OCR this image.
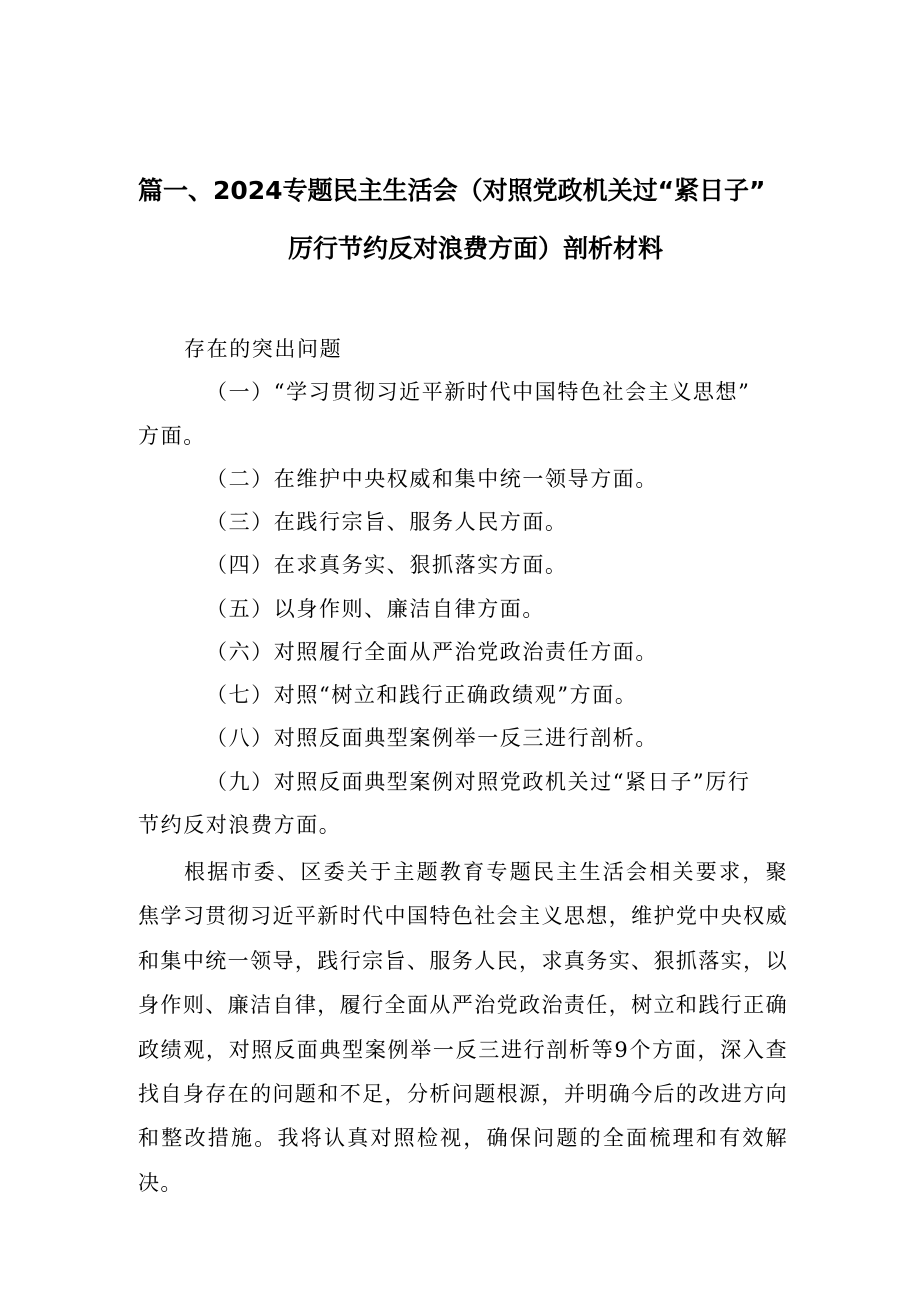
篇一、2024专题民主生活会（对照党政机关过“紧日子”
厉行节约反对浪费方面）剖析材料
存在的突出问题
（一）“学习贯彻习近平新时代中国特色社会主义思想”
方面。
（二）在维护中央权威和集中统一领导方面。
（三）在践行宗旨、服务人民方面。
（四）在求真务实、狠抓落实方面。
（五）以身作则、廉洁自律方面。
（六）对照履行全面从严治党政治责任方面。
（七）对照“树立和践行正确政绩观”方面。
（八）对照反面典型案例举一反三进行剖析。
（九）对照反面典型案例对照党政机关过“紧日子”厉行
节约反对浪费方面。
根据市委、区委关于主题教育专题民主生活会相关要求，聚焦学习贯彻习近平新时代中国特色社会主义思想，维护党中央权威和集中统一领导，践行宗旨、服务人民，求真务实、狠抓落实，以身作则、廉洁自律，履行全面从严治党政治责任，树立和践行正确政绩观，对照反面典型案例举一反三进行剖析等9个方面，深入查找自身存在的问题和不足，分析问题根源，并明确今后的改进方向和整改措施。我将认真对照检视，确保问题的全面梳理和有效解决。
